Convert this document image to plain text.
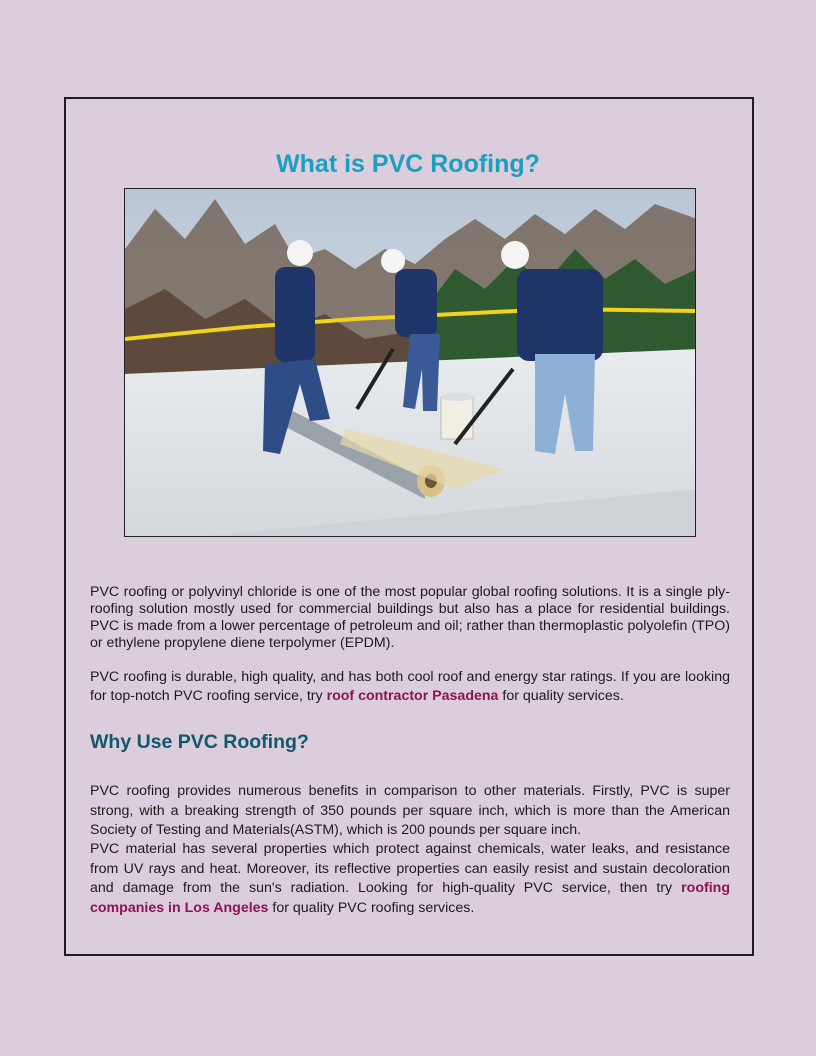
What is PVC Roofing?

PVC roofing or polyvinyl chloride is one of the most popular global roofing solutions. It is a single ply-roofing solution mostly used for commercial buildings but also has a place for residential buildings. PVC is made from a lower percentage of petroleum and oil; rather than thermoplastic polyolefin (TPO) or ethylene propylene diene terpolymer (EPDM).

PVC roofing is durable, high quality, and has both cool roof and energy star ratings. If you are looking for top-notch PVC roofing service, try roof contractor Pasadena for quality services.

Why Use PVC Roofing?

PVC roofing provides numerous benefits in comparison to other materials. Firstly, PVC is super strong, with a breaking strength of 350 pounds per square inch, which is more than the American Society of Testing and Materials(ASTM), which is 200 pounds per square inch.

PVC material has several properties which protect against chemicals, water leaks, and resistance from UV rays and heat. Moreover, its reflective properties can easily resist and sustain decoloration and damage from the sun's radiation. Looking for high-quality PVC service, then try roofing companies in Los Angeles for quality PVC roofing services.
